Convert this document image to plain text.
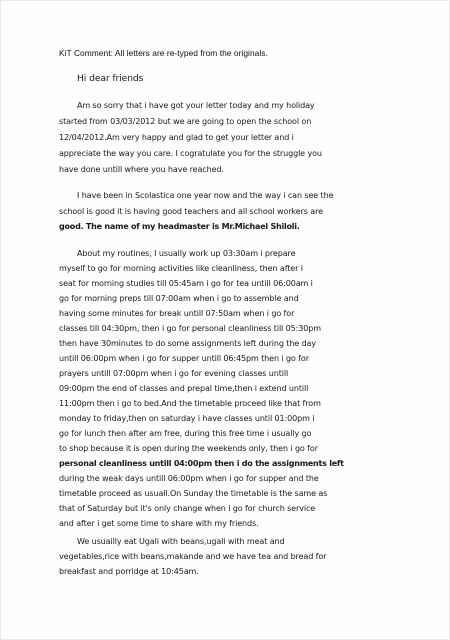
KiT Comment: All letters are re-typed from the originals.
Hi dear friends
Am so sorry that i have got your letter today and my holiday
started from 03/03/2012 but we are going to open the school on
12/04/2012.Am very happy and glad to get your letter and i
appreciate the way you care. I cogratulate you for the struggle you
have done untill where you have reached.
I have been in Scolastica one year now and the way i can see the
school is good it is having good teachers and all school workers are
good. The name of my headmaster is Mr.Michael Shiloli.
About my routines, I usually work up 03:30am i prepare
myself to go for morning activities like cleanliness, then after i
seat for morning studies till 05:45am i go for tea untill 06:00am i
go for morning preps till 07:00am when i go to assemble and
having some minutes for break untill 07:50am when i go for
classes till 04:30pm, then i go for personal cleanliness till 05:30pm
then have 30minutes to do some assignments left during the day
untill 06:00pm when i go for supper untill 06:45pm then i go for
prayers untill 07:00pm when i go for evening classes untill
09:00pm the end of classes and prepal time,then i extend untill
11:00pm then i go to bed.And the timetable proceed like that from
monday to friday,then on saturday i have classes until 01:00pm i
go for lunch then after am free, during this free time i usually go
to shop because it is open during the weekends only, then i go for
personal cleanliness untill 04:00pm then i do the assignments left
during the weak days untill 06:00pm when i go for supper and the
timetable proceed as usuall.On Sunday the timetable is the same as
that of Saturday but it's only change when i go for church service
and after i get some time to share with my friends.
We usuailly eat Ugali with beans,ugali with meat and
vegetables,rice with beans,makande and we have tea and bread for
breakfast and porridge at 10:45am.
